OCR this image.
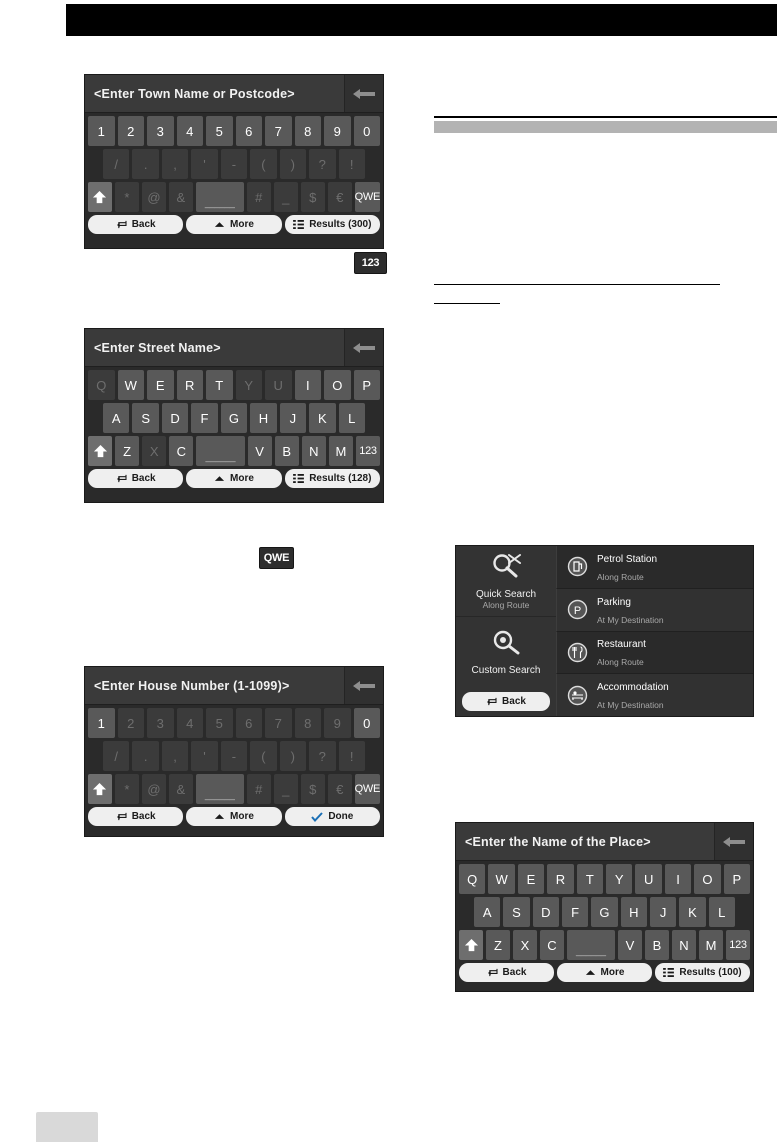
<Enter Town Name or Postcode>
1	2	3	4	5	6	7	8	9	0
/	.	,	'	-	(	)	?	!
*	@	&	______	#	_	$	€	QWE
Back	More	Results (300)
123
<Enter Street Name>
Q	W	E	R	T	Y	U	I	O	P
A	S	D	F	G	H	J	K	L
Z	X	C	______	V	B	N	M	123
Back	More	Results (128)
QWE
<Enter House Number (1-1099)>
1	2	3	4	5	6	7	8	9	0
/	.	,	'	-	(	)	?	!
*	@	&	______	#	_	$	€	QWE
Back	More	Done
Quick Search
Along Route
Custom Search
Back
Petrol Station
Along Route
P
Parking
At My Destination
Restaurant
Along Route
Accommodation
At My Destination
<Enter the Name of the Place>
Q	W	E	R	T	Y	U	I	O	P
A	S	D	F	G	H	J	K	L
Z	X	C	______	V	B	N	M	123
Back	More	Results (100)
